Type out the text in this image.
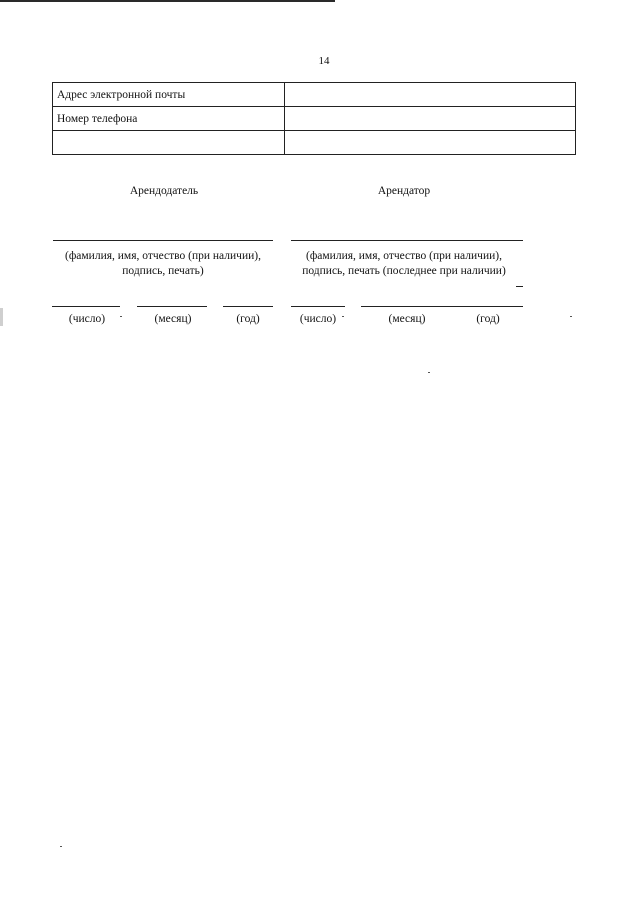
14
Адрес электронной почты	
Номер телефона	

Арендодатель
(фамилия, имя, отчество (при наличии),
подпись, печать)
(число)	(месяц)	(год)
Арендатор
(фамилия, имя, отчество (при наличии),
подпись, печать (последнее при наличии)
(число)	(месяц)	(год)
